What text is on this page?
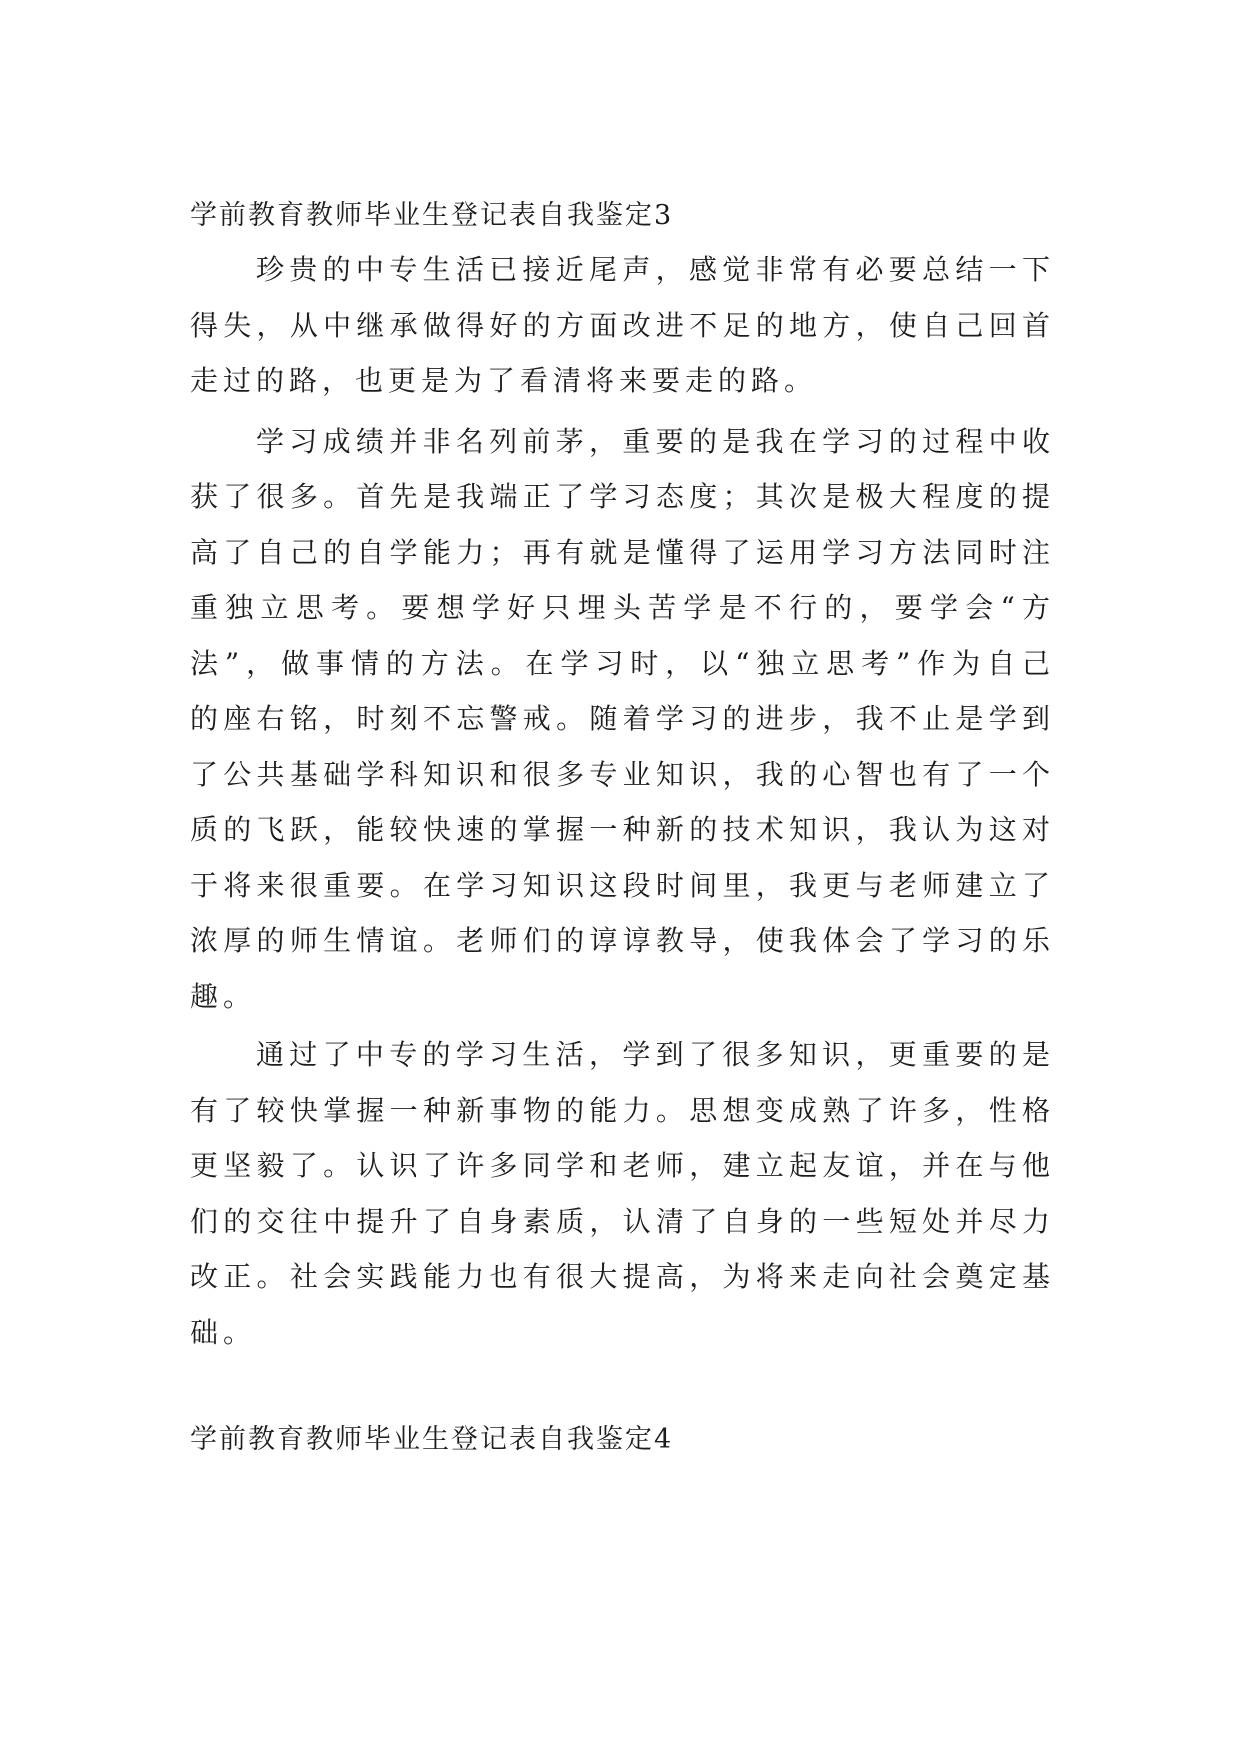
学前教育教师毕业生登记表自我鉴定3
珍贵的中专生活已接近尾声，感觉非常有必要总结一下
得失，从中继承做得好的方面改进不足的地方，使自己回首
走过的路，也更是为了看清将来要走的路。
学习成绩并非名列前茅，重要的是我在学习的过程中收
获了很多。首先是我端正了学习态度；其次是极大程度的提
高了自己的自学能力；再有就是懂得了运用学习方法同时注
重独立思考。要想学好只埋头苦学是不行的，要学会“方
法”，做事情的方法。在学习时，以“独立思考”作为自己
的座右铭，时刻不忘警戒。随着学习的进步，我不止是学到
了公共基础学科知识和很多专业知识，我的心智也有了一个
质的飞跃，能较快速的掌握一种新的技术知识，我认为这对
于将来很重要。在学习知识这段时间里，我更与老师建立了
浓厚的师生情谊。老师们的谆谆教导，使我体会了学习的乐
趣。
通过了中专的学习生活，学到了很多知识，更重要的是
有了较快掌握一种新事物的能力。思想变成熟了许多，性格
更坚毅了。认识了许多同学和老师，建立起友谊，并在与他
们的交往中提升了自身素质，认清了自身的一些短处并尽力
改正。社会实践能力也有很大提高，为将来走向社会奠定基
础。
学前教育教师毕业生登记表自我鉴定4
